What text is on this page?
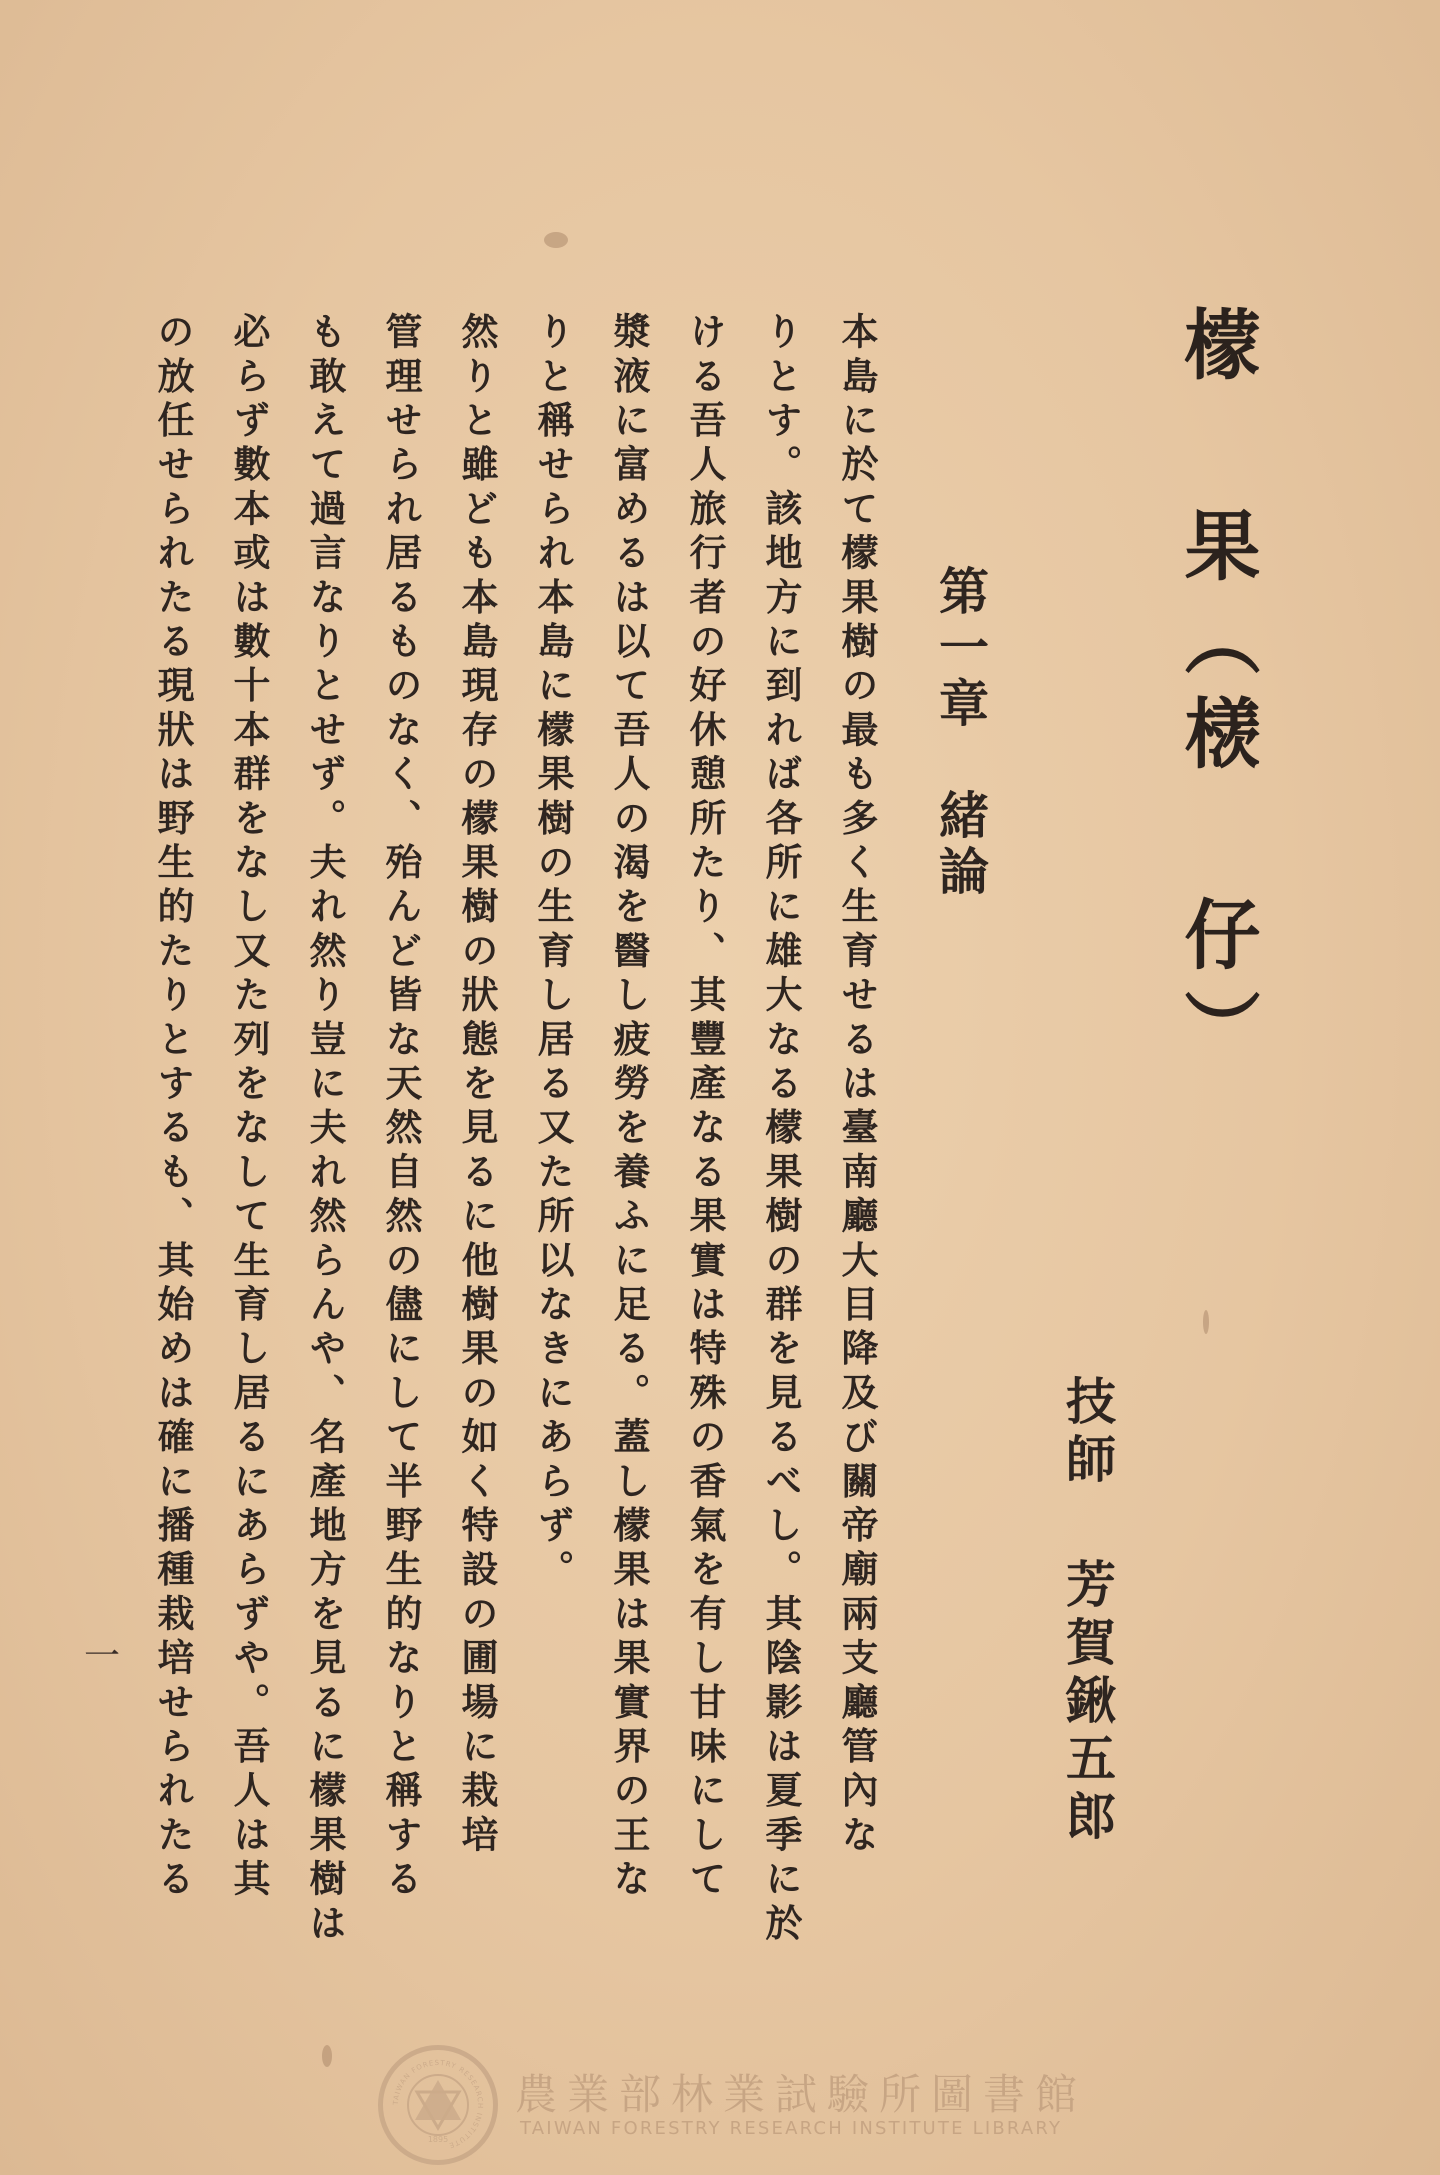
檬 果（檨 仔）
技師 芳賀鍬五郎
第一章　緒論
本島に於て檬果樹の最も多く生育せるは臺南廳大目降及び關帝廟兩支廳管內な
りとす。該地方に到れば各所に雄大なる檬果樹の群を見るべし。其陰影は夏季に於
ける吾人旅行者の好休憩所たり、其豐產なる果實は特殊の香氣を有し甘味にして
漿液に富めるは以て吾人の渴を醫し疲勞を養ふに足る。蓋し檬果は果實界の王な
りと稱せられ本島に檬果樹の生育し居る又た所以なきにあらず。
然りと雖ども本島現存の檬果樹の狀態を見るに他樹果の如く特設の圃場に栽培
管理せられ居るものなく、殆んど皆な天然自然の儘にして半野生的なりと稱する
も敢えて過言なりとせず。夫れ然り豈に夫れ然らんや、名產地方を見るに檬果樹は
必らず數本或は數十本群をなし又た列をなして生育し居るにあらずや。吾人は其
の放任せられたる現狀は野生的たりとするも、其始めは確に播種栽培せられたる
一
TAIWAN FORESTRY RESEARCH INSTITUTE
1895
農業部林業試驗所圖書館
TAIWAN FORESTRY RESEARCH INSTITUTE LIBRARY
